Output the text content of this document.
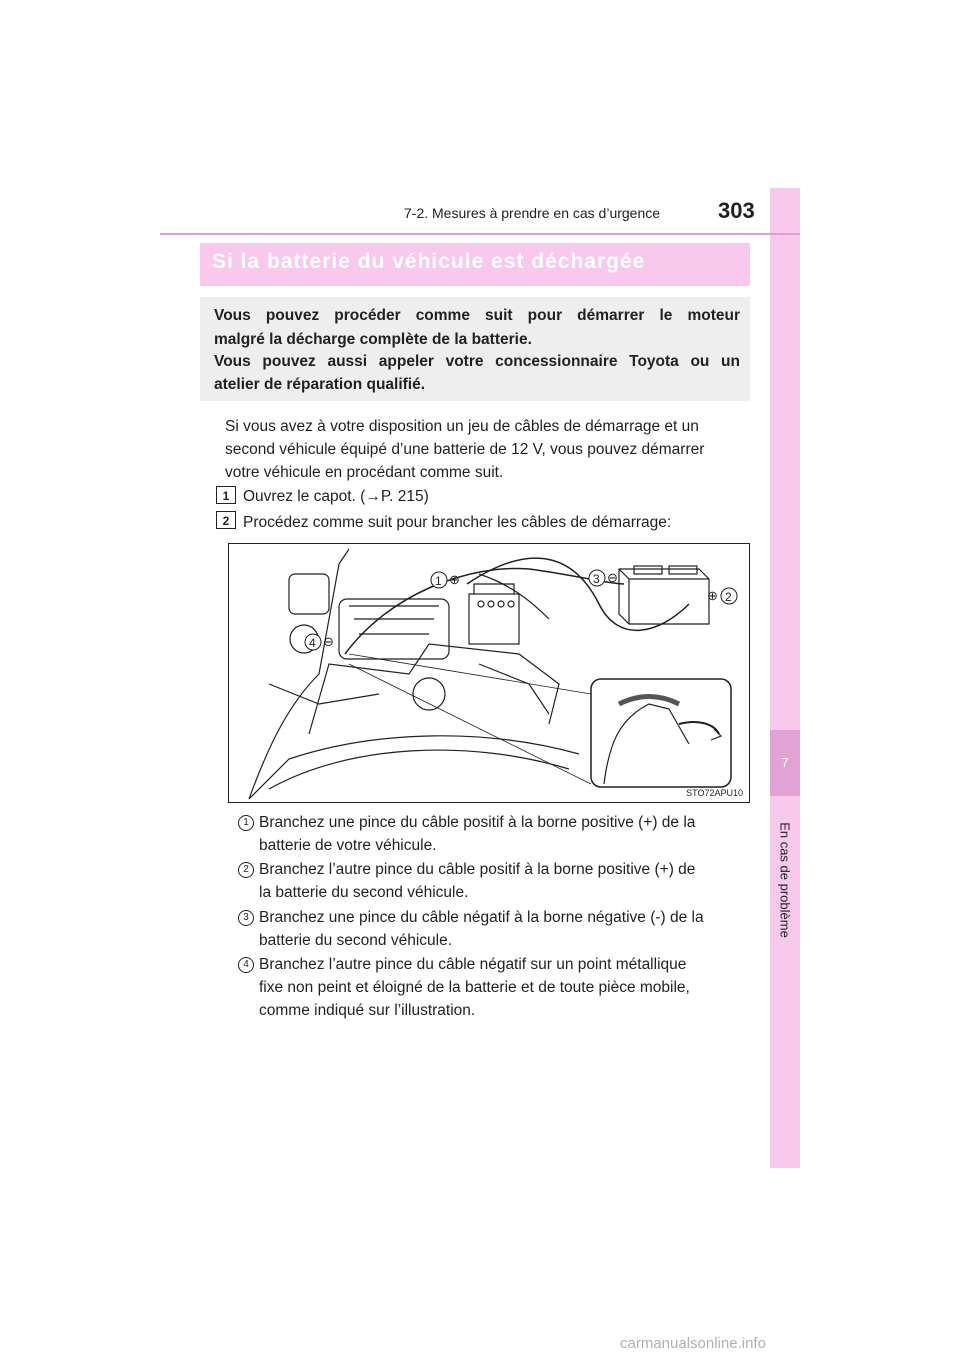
7
En cas de problème
7-2. Mesures à prendre en cas d’urgence	303
Si la batterie du véhicule est déchargée

Vous pouvez procéder comme suit pour démarrer le moteur

malgré la décharge complète de la batterie.

Vous pouvez aussi appeler votre concessionnaire Toyota ou un

atelier de réparation qualifié.

Si vous avez à votre disposition un jeu de câbles de démarrage et un
second véhicule équipé d’une batterie de 12 V, vous pouvez démarrer
votre véhicule en procédant comme suit.
1 Ouvrez le capot. (→P. 215)
2 Procédez comme suit pour brancher les câbles de démarrage:
1
2
3
4
⊕
⊕
⊖
⊖
STO72APU10
1 Branchez une pince du câble positif à la borne positive (+) de la
batterie de votre véhicule.
2 Branchez l’autre pince du câble positif à la borne positive (+) de
la batterie du second véhicule.
3 Branchez une pince du câble négatif à la borne négative (-) de la
batterie du second véhicule.
4 Branchez l’autre pince du câble négatif sur un point métallique
fixe non peint et éloigné de la batterie et de toute pièce mobile,
comme indiqué sur l’illustration.
carmanualsonline.info
